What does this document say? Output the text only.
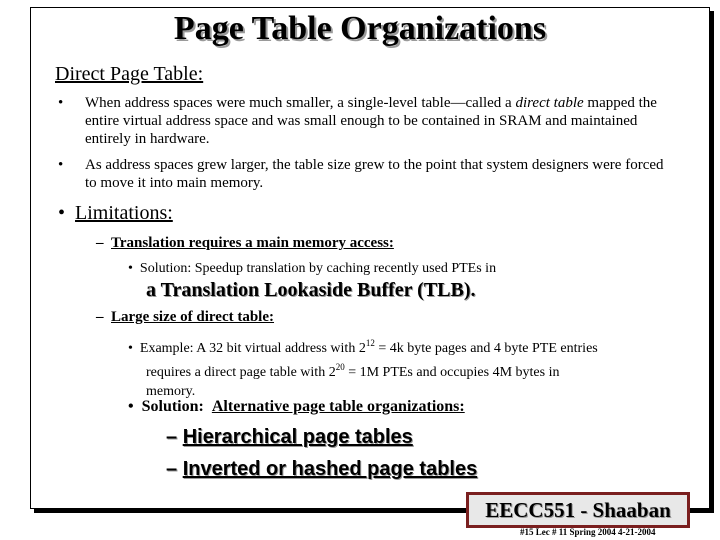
Page Table Organizations
Direct Page Table:
• When address spaces were much smaller, a single-level table—called a direct table mapped the entire virtual address space and was small enough to be contained in SRAM and maintained entirely in hardware.
• As address spaces grew larger, the table size grew to the point that system designers were forced to move it into main memory.
• Limitations:
– Translation requires a main memory access:
• Solution: Speedup translation by caching recently used PTEs in
a Translation Lookaside Buffer (TLB).
– Large size of direct table:
• Example: A 32 bit virtual address with $2^{12} = 4k$ byte pages and 4 byte PTE entries
requires a direct page table with $2^{20} = 1M$ PTEs and occupies 4M bytes in
memory.
• Solution: Alternative page table organizations:
– Hierarchical page tables
– Inverted or hashed page tables
EECC551 - Shaaban
#15 Lec # 11 Spring 2004 4-21-2004
